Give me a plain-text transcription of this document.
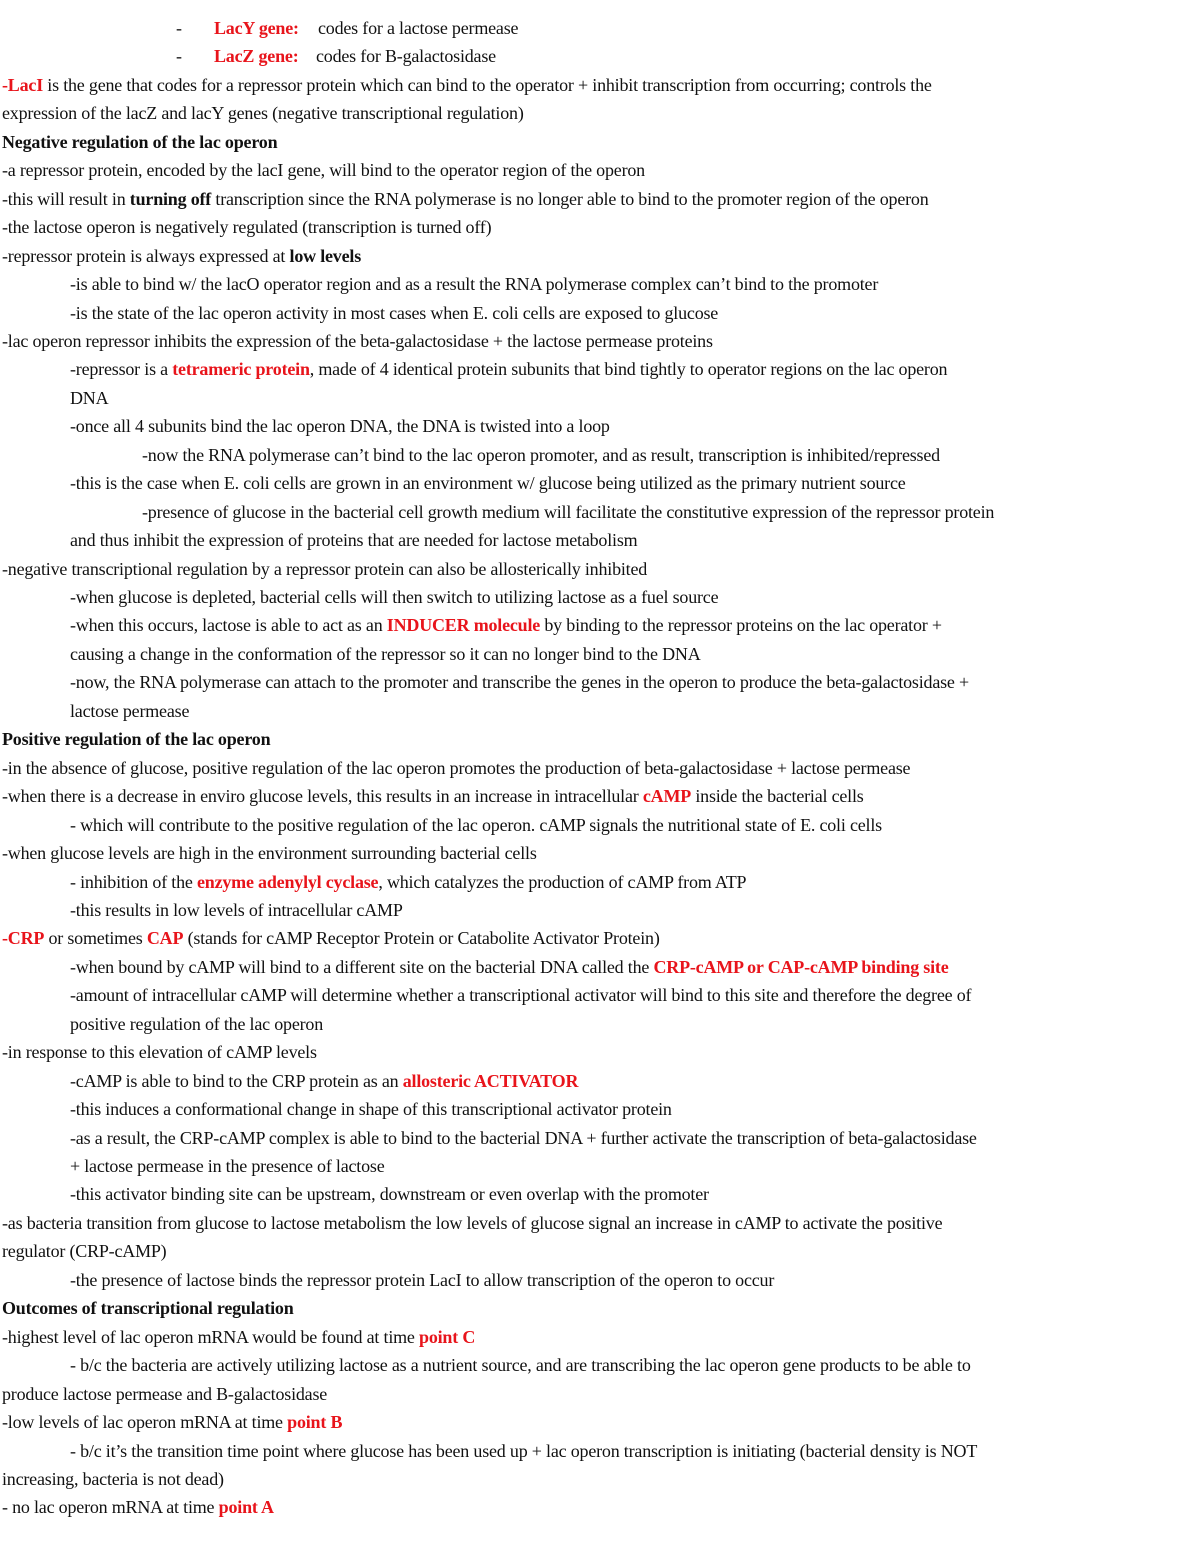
- LacY gene: codes for a lactose permease
- LacZ gene: codes for B-galactosidase
-LacI is the gene that codes for a repressor protein which can bind to the operator + inhibit transcription from occurring; controls the
expression of the lacZ and lacY genes (negative transcriptional regulation)
Negative regulation of the lac operon
-a repressor protein, encoded by the lacI gene, will bind to the operator region of the operon
-this will result in turning off transcription since the RNA polymerase is no longer able to bind to the promoter region of the operon
-the lactose operon is negatively regulated (transcription is turned off)
-repressor protein is always expressed at low levels
-is able to bind w/ the lacO operator region and as a result the RNA polymerase complex can’t bind to the promoter
-is the state of the lac operon activity in most cases when E. coli cells are exposed to glucose
-lac operon repressor inhibits the expression of the beta-galactosidase + the lactose permease proteins
-repressor is a tetrameric protein, made of 4 identical protein subunits that bind tightly to operator regions on the lac operon
DNA
-once all 4 subunits bind the lac operon DNA, the DNA is twisted into a loop
-now the RNA polymerase can’t bind to the lac operon promoter, and as result, transcription is inhibited/repressed
-this is the case when E. coli cells are grown in an environment w/ glucose being utilized as the primary nutrient source
-presence of glucose in the bacterial cell growth medium will facilitate the constitutive expression of the repressor protein
and thus inhibit the expression of proteins that are needed for lactose metabolism
-negative transcriptional regulation by a repressor protein can also be allosterically inhibited
-when glucose is depleted, bacterial cells will then switch to utilizing lactose as a fuel source
-when this occurs, lactose is able to act as an INDUCER molecule by binding to the repressor proteins on the lac operator +
causing a change in the conformation of the repressor so it can no longer bind to the DNA
-now, the RNA polymerase can attach to the promoter and transcribe the genes in the operon to produce the beta-galactosidase +
lactose permease
Positive regulation of the lac operon
-in the absence of glucose, positive regulation of the lac operon promotes the production of beta-galactosidase + lactose permease
-when there is a decrease in enviro glucose levels, this results in an increase in intracellular cAMP inside the bacterial cells
- which will contribute to the positive regulation of the lac operon. cAMP signals the nutritional state of E. coli cells
-when glucose levels are high in the environment surrounding bacterial cells
- inhibition of the enzyme adenylyl cyclase, which catalyzes the production of cAMP from ATP
-this results in low levels of intracellular cAMP
-CRP or sometimes CAP (stands for cAMP Receptor Protein or Catabolite Activator Protein)
-when bound by cAMP will bind to a different site on the bacterial DNA called the CRP-cAMP or CAP-cAMP binding site
-amount of intracellular cAMP will determine whether a transcriptional activator will bind to this site and therefore the degree of
positive regulation of the lac operon
-in response to this elevation of cAMP levels
-cAMP is able to bind to the CRP protein as an allosteric ACTIVATOR
-this induces a conformational change in shape of this transcriptional activator protein
-as a result, the CRP-cAMP complex is able to bind to the bacterial DNA + further activate the transcription of beta-galactosidase
+ lactose permease in the presence of lactose
-this activator binding site can be upstream, downstream or even overlap with the promoter
-as bacteria transition from glucose to lactose metabolism the low levels of glucose signal an increase in cAMP to activate the positive
regulator (CRP-cAMP)
-the presence of lactose binds the repressor protein LacI to allow transcription of the operon to occur
Outcomes of transcriptional regulation
-highest level of lac operon mRNA would be found at time point C
- b/c the bacteria are actively utilizing lactose as a nutrient source, and are transcribing the lac operon gene products to be able to
produce lactose permease and B-galactosidase
-low levels of lac operon mRNA at time point B
- b/c it’s the transition time point where glucose has been used up + lac operon transcription is initiating (bacterial density is NOT
increasing, bacteria is not dead)
- no lac operon mRNA at time point A
